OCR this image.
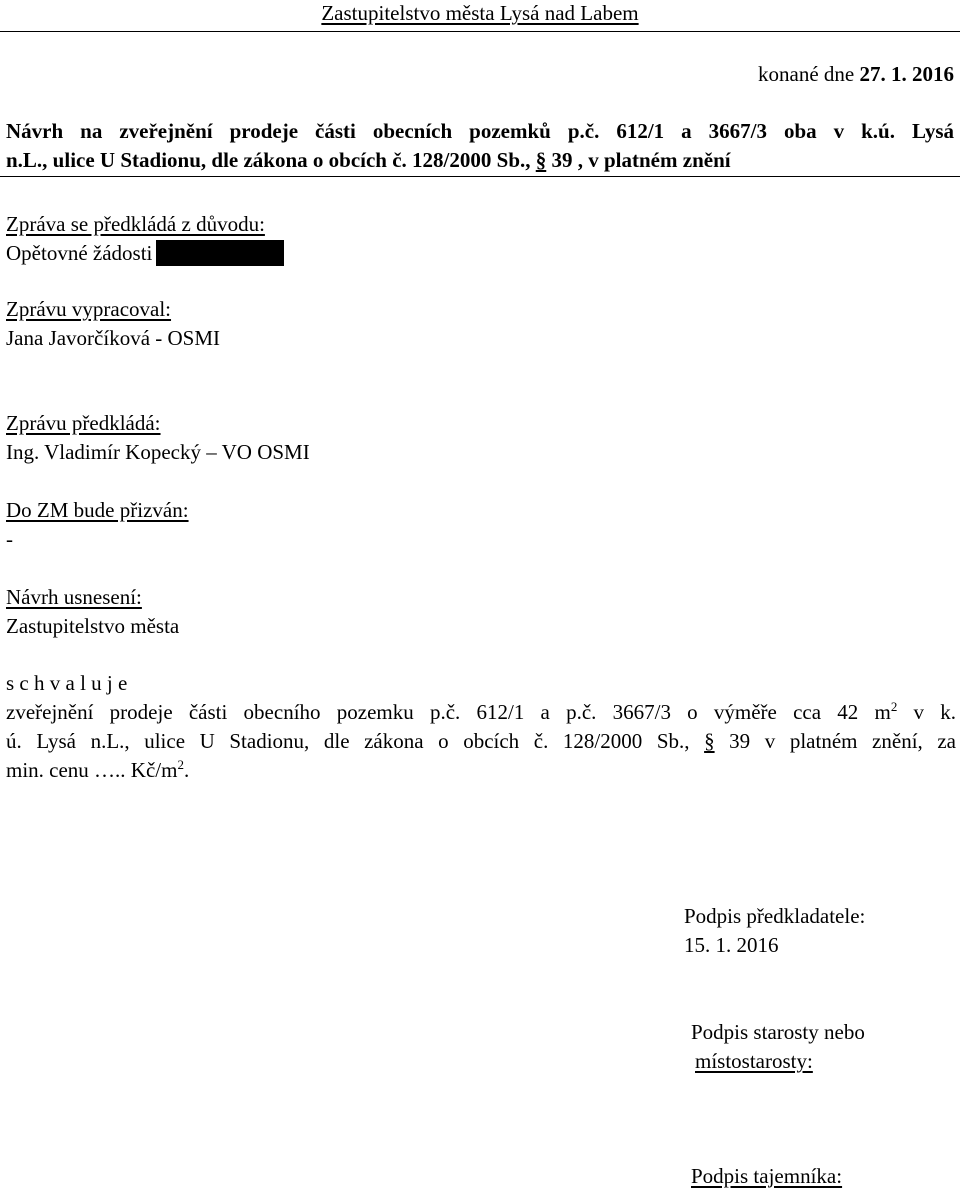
Zastupitelstvo města Lysá nad Labem
konané dne 27. 1. 2016
Návrh na zveřejnění prodeje části obecních pozemků p.č. 612/1 a 3667/3 oba v k.ú. Lysá
n.L., ulice U Stadionu, dle zákona o obcích č. 128/2000 Sb., § 39 , v platném znění
Zpráva se předkládá z důvodu:
Opětovné žádosti
Zprávu vypracoval:
Jana Javorčíková - OSMI
Zprávu předkládá:
Ing. Vladimír Kopecký – VO OSMI
Do ZM bude přizván:
-
Návrh usnesení:
Zastupitelstvo města
s c h v a l u j e
zveřejnění prodeje části obecního pozemku p.č. 612/1 a p.č. 3667/3 o výměře cca 42 $m^2$ v k.
ú. Lysá n.L., ulice U Stadionu, dle zákona o obcích č. 128/2000 Sb., § 39 v platném znění, za
min. cenu ….. $Kč/m^2$.
Podpis předkladatele:
15. 1. 2016
Podpis starosty nebo
místostarosty:
Podpis tajemníka:
